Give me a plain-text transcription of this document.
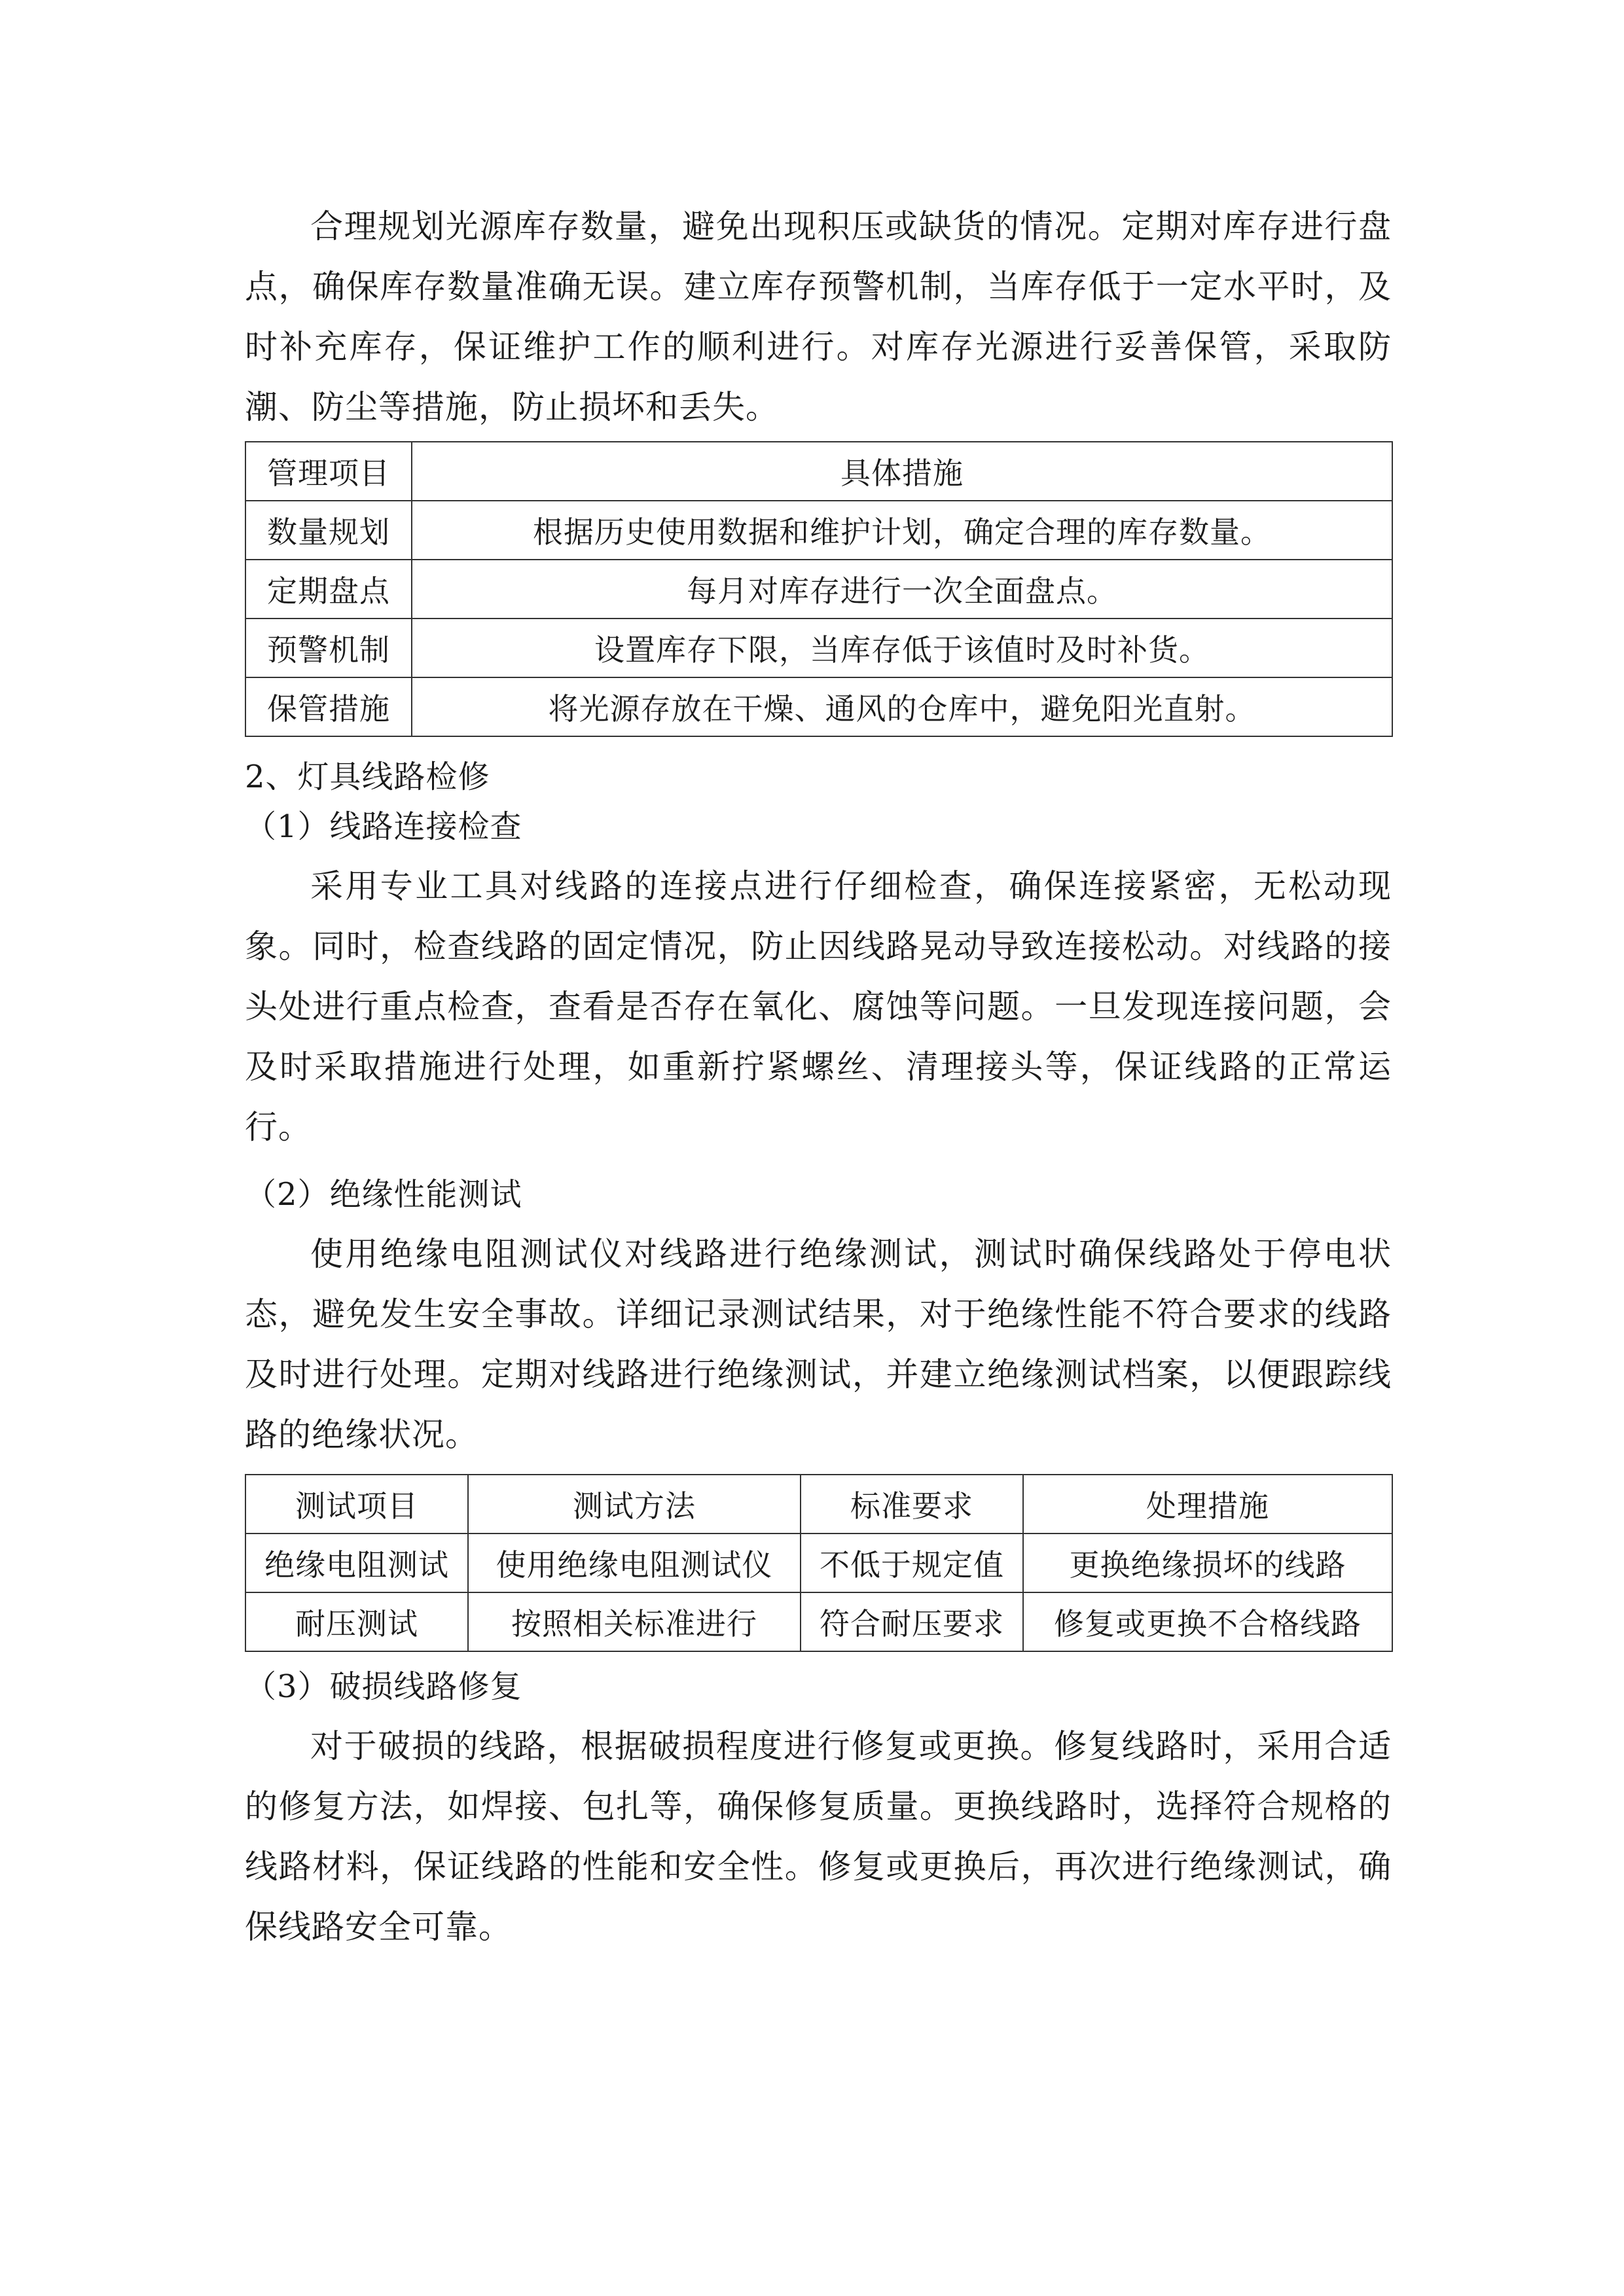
合理规划光源库存数量，避免出现积压或缺货的情况。定期对库存进行盘点，确保库存数量准确无误。建立库存预警机制，当库存低于一定水平时，及时补充库存，保证维护工作的顺利进行。对库存光源进行妥善保管，采取防潮、防尘等措施，防止损坏和丢失。

管理项目	具体措施
数量规划	根据历史使用数据和维护计划，确定合理的库存数量。
定期盘点	每月对库存进行一次全面盘点。
预警机制	设置库存下限，当库存低于该值时及时补货。
保管措施	将光源存放在干燥、通风的仓库中，避免阳光直射。
2、灯具线路检修
（1）线路连接检查

采用专业工具对线路的连接点进行仔细检查，确保连接紧密，无松动现象。同时，检查线路的固定情况，防止因线路晃动导致连接松动。对线路的接头处进行重点检查，查看是否存在氧化、腐蚀等问题。一旦发现连接问题，会及时采取措施进行处理，如重新拧紧螺丝、清理接头等，保证线路的正常运行。

（2）绝缘性能测试

使用绝缘电阻测试仪对线路进行绝缘测试，测试时确保线路处于停电状态，避免发生安全事故。详细记录测试结果，对于绝缘性能不符合要求的线路及时进行处理。定期对线路进行绝缘测试，并建立绝缘测试档案，以便跟踪线路的绝缘状况。

测试项目	测试方法	标准要求	处理措施
绝缘电阻测试	使用绝缘电阻测试仪	不低于规定值	更换绝缘损坏的线路
耐压测试	按照相关标准进行	符合耐压要求	修复或更换不合格线路
（3）破损线路修复

对于破损的线路，根据破损程度进行修复或更换。修复线路时，采用合适的修复方法，如焊接、包扎等，确保修复质量。更换线路时，选择符合规格的线路材料，保证线路的性能和安全性。修复或更换后，再次进行绝缘测试，确保线路安全可靠。
